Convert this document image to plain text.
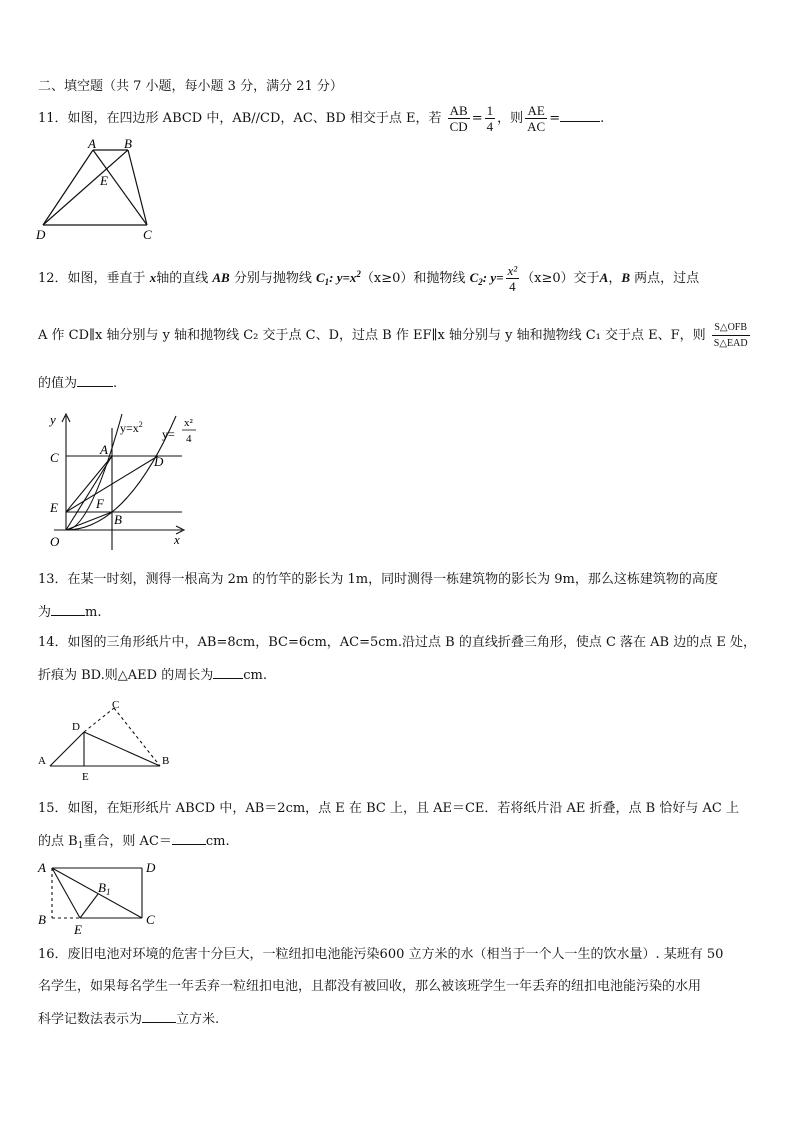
二、填空题（共 7 小题，每小题 3 分，满分 21 分）
11．如图，在四边形 ABCD 中，AB//CD，AC、BD 相交于点 E，若 $\frac{AB}{CD} = \frac{1}{4}$ ，则 $\frac{AE}{AC}$ =	.
A B
E
D	C
12．如图，垂直于 x轴的直线 AB 分别与抛物线 $C_1$: $y=x^2(x\ge 0)$和抛物线 $C_2$: $y= \frac{\text{x²}}{4} (x\ge 0)$交于A，B 两点，过点
A 作 CD∥x 轴分别与 y 轴和抛物线 C₂ 交于点 C、D，过点 B 作 EF∥x 轴分别与 y 轴和抛物线 C₁ 交于点 E、F，则 $\frac{\text{S△OFB}}{\text{S△EAD}}$
的值为	.
y
x
O
C
E
A
B
D
F
$y=x^2$
y=
x²
4
13．在某一时刻，测得一根高为 2m 的竹竿的影长为 1m，同时测得一栋建筑物的影长为 9m，那么这栋建筑物的高度
为	m.
14．如图的三角形纸片中，AB=8cm，BC=6cm，AC=5cm.沿过点 B 的直线折叠三角形，使点 C 落在 AB 边的点 E 处，
折痕为 BD.则△AED 的周长为 cm.
A	B
C
D
E
15．如图，在矩形纸片 ABCD 中，AB＝2cm，点 E 在 BC 上，且 AE＝CE．若将纸片沿 AE 折叠，点 B 恰好与 AC 上
的点 $B_1$重合，则 AC＝	cm.
A	D
B	C
E
$B_1$
16．废旧电池对环境的危害十分巨大，一粒纽扣电池能污染600 立方米的水（相当于一个人一生的饮水量）. 某班有 50
名学生，如果每名学生一年丢弃一粒纽扣电池，且都没有被回收，那么被该班学生一年丢弃的纽扣电池能污染的水用
科学记数法表示为	立方米.
